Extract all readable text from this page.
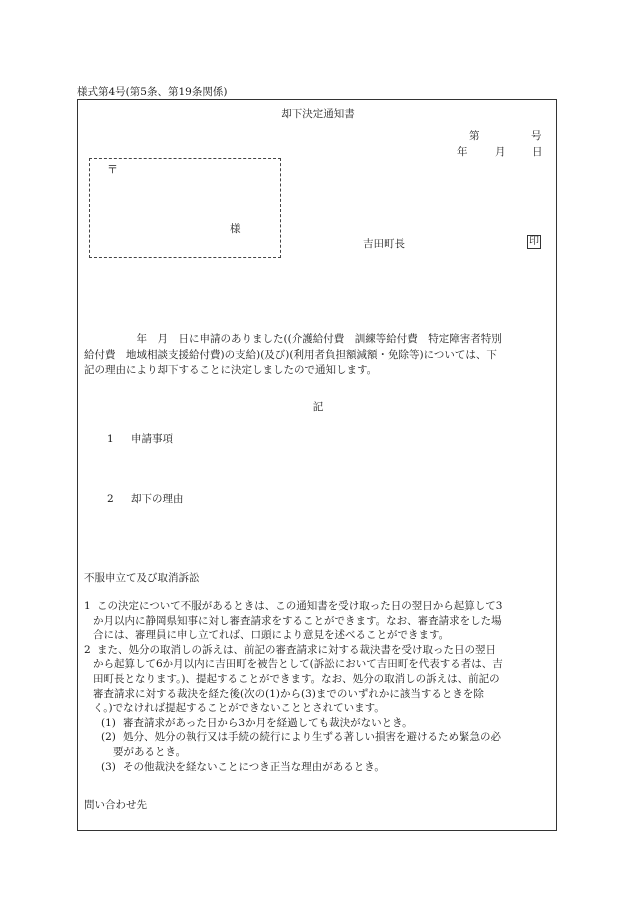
様式第4号(第5条、第19条関係)
却下決定通知書
第	号
年	月	日
〒
様
吉田町長	印
　　　　　年　月　日に申請のありました((介護給付費　訓練等給付費　特定障害者特別
給付費　地域相談支援給付費)の支給)(及び)(利用者負担額減額・免除等)については、下
記の理由により却下することに決定しましたので通知します。
記
1 申請事項
2 却下の理由
不服申立て及び取消訴訟
1 この決定について不服があるときは、この通知書を受け取った日の翌日から起算して3
か月以内に静岡県知事に対し審査請求をすることができます。なお、審査請求をした場
合には、審理員に申し立てれば、口頭により意見を述べることができます。
2 また、処分の取消しの訴えは、前記の審査請求に対する裁決書を受け取った日の翌日
から起算して6か月以内に吉田町を被告として(訴訟において吉田町を代表する者は、吉
田町長となります。)、提起することができます。なお、処分の取消しの訴えは、前記の
審査請求に対する裁決を経た後(次の(1)から(3)までのいずれかに該当するときを除
く。)でなければ提起することができないこととされています。
(1) 審査請求があった日から3か月を経過しても裁決がないとき。
(2) 処分、処分の執行又は手続の続行により生ずる著しい損害を避けるため緊急の必
要があるとき。
(3) その他裁決を経ないことにつき正当な理由があるとき。
問い合わせ先
